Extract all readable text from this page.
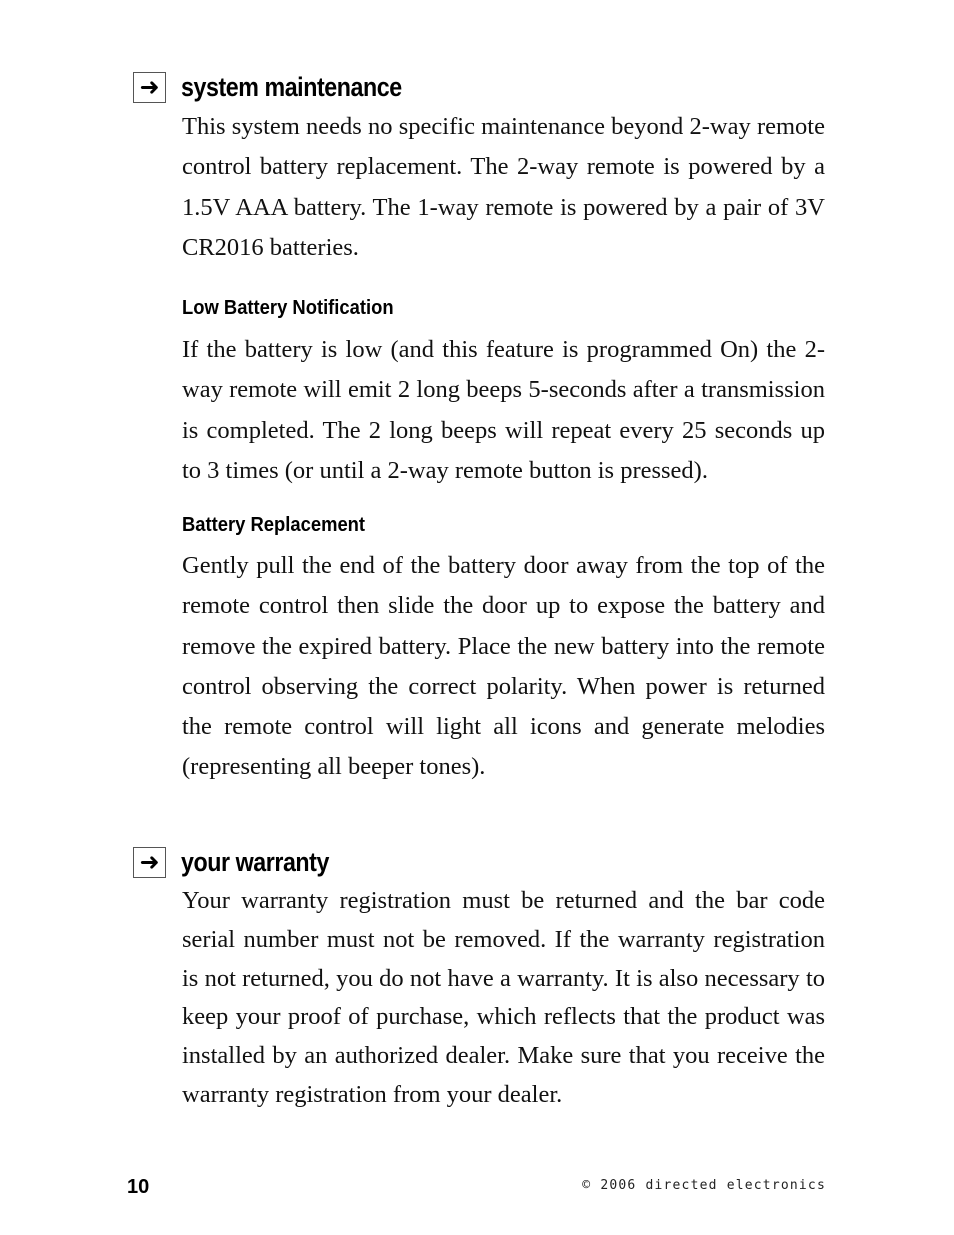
➜ system maintenance

This system needs no specific maintenance beyond 2-way remote control battery replacement. The 2-way remote is powered by a 1.5V AAA battery. The 1-way remote is powered by a pair of 3V CR2016 batteries.

Low Battery Notification

If the battery is low (and this feature is programmed On) the 2-way remote will emit 2 long beeps 5-seconds after a transmission is completed. The 2 long beeps will repeat every 25 seconds up to 3 times (or until a 2-way remote button is pressed).

Battery Replacement

Gently pull the end of the battery door away from the top of the remote control then slide the door up to expose the battery and remove the expired battery. Place the new battery into the remote control observing the correct polarity. When power is returned the remote control will light all icons and generate melodies (representing all beeper tones).

➜ your warranty

Your warranty registration must be returned and the bar code serial number must not be removed. If the warranty registration is not returned, you do not have a warranty. It is also necessary to keep your proof of purchase, which reflects that the product was installed by an authorized dealer. Make sure that you receive the warranty registration from your dealer.

10	© 2006 directed electronics
